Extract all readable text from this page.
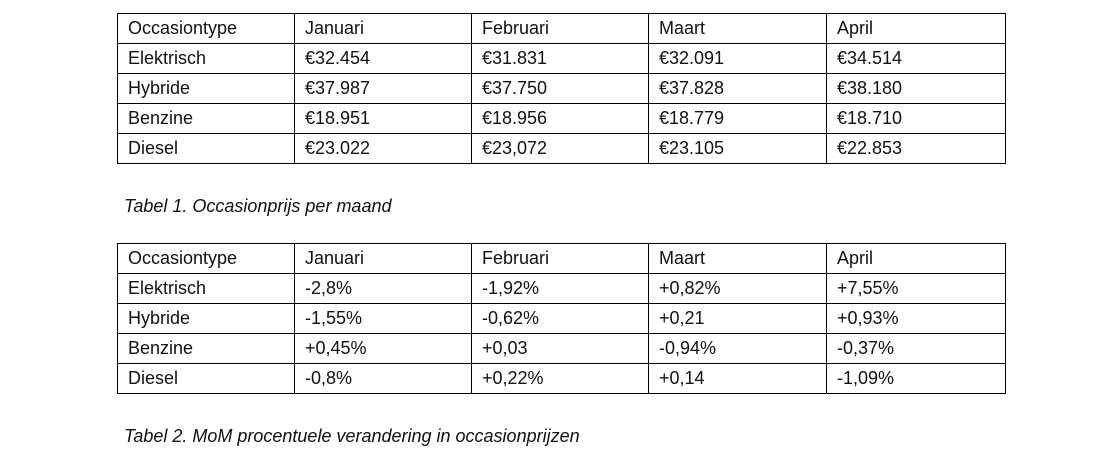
Occasiontype	Januari	Februari	Maart	April
Elektrisch	€32.454	€31.831	€32.091	€34.514
Hybride	€37.987	€37.750	€37.828	€38.180
Benzine	€18.951	€18.956	€18.779	€18.710
Diesel	€23.022	€23,072	€23.105	€22.853

Tabel 1. Occasionprijs per maand

Occasiontype	Januari	Februari	Maart	April
Elektrisch	-2,8%	-1,92%	+0,82%	+7,55%
Hybride	-1,55%	-0,62%	+0,21	+0,93%
Benzine	+0,45%	+0,03	-0,94%	-0,37%
Diesel	-0,8%	+0,22%	+0,14	-1,09%

Tabel 2. MoM procentuele verandering in occasionprijzen
